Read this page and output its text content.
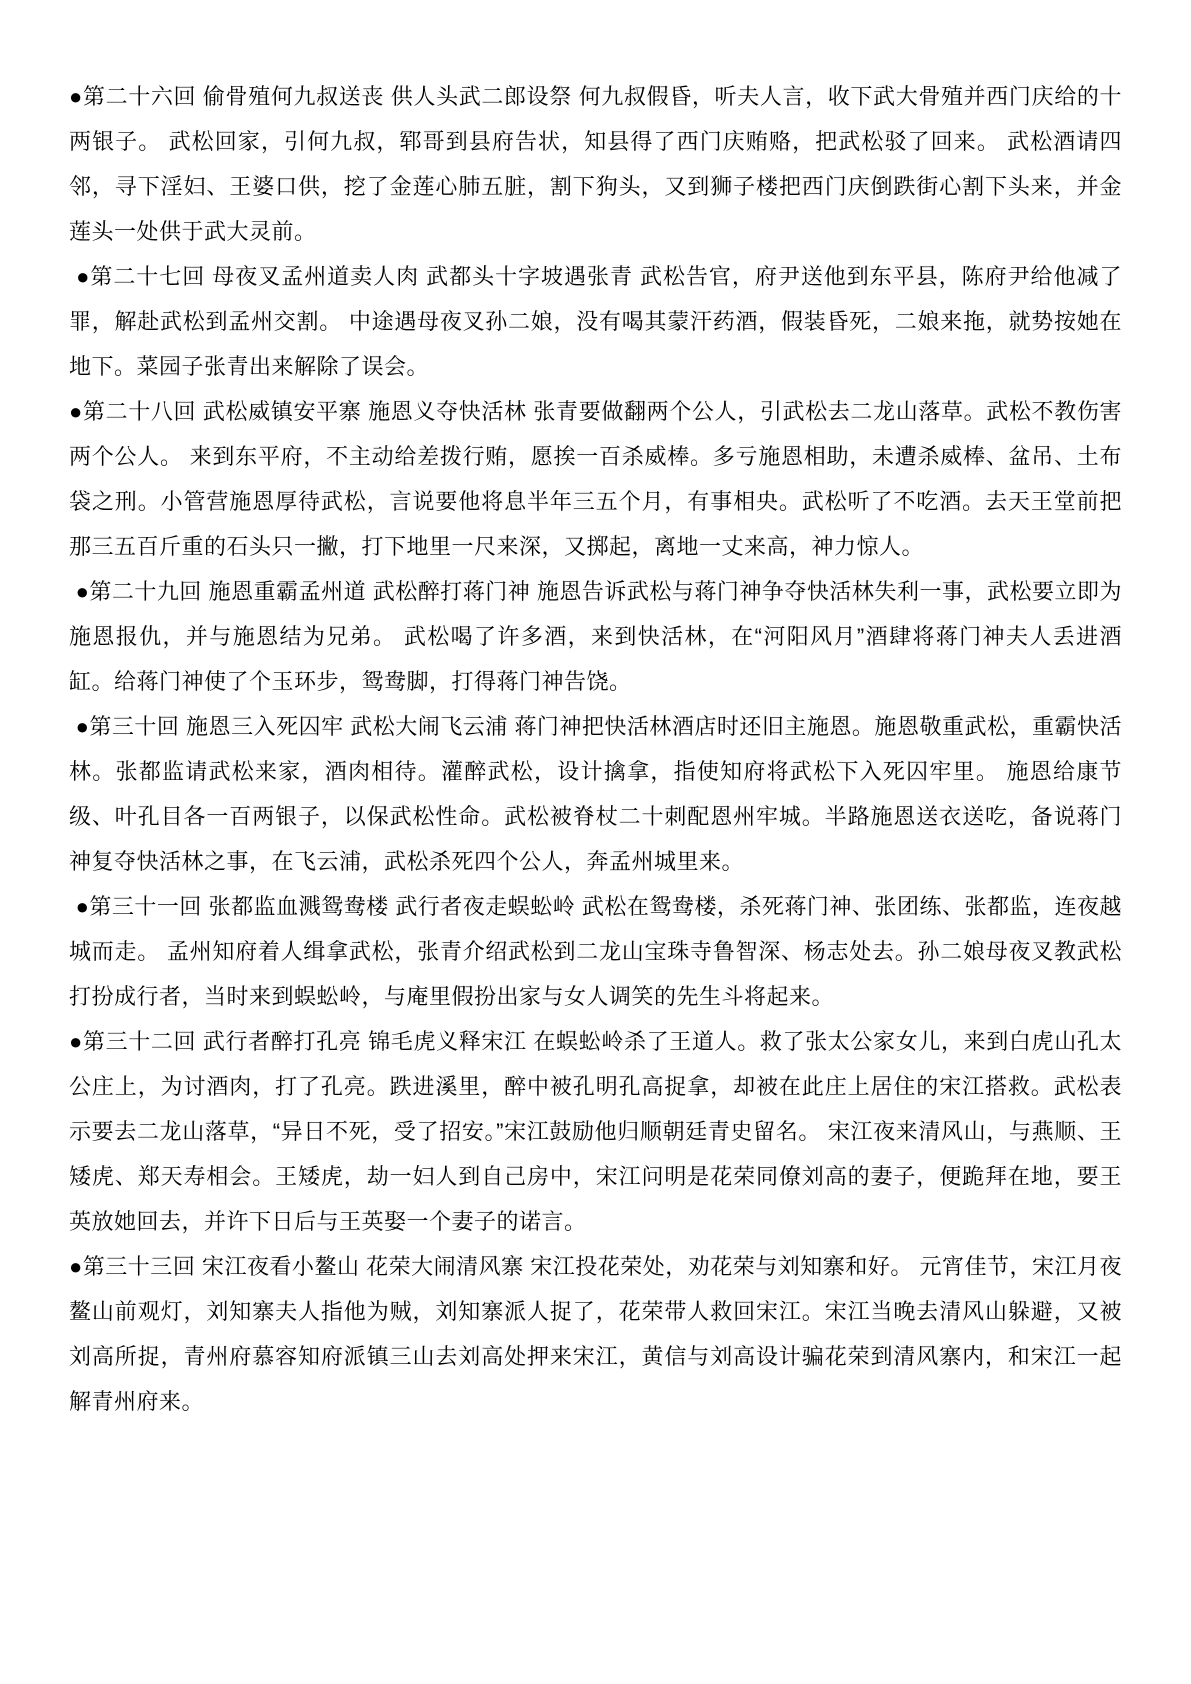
●第二十六回 偷骨殖何九叔送丧 供人头武二郎设祭 何九叔假昏，听夫人言，收下武大骨殖并西门庆给的十两银子。 武松回家，引何九叔，郓哥到县府告状，知县得了西门庆贿赂，把武松驳了回来。 武松酒请四邻，寻下淫妇、王婆口供，挖了金莲心肺五脏，割下狗头，又到狮子楼把西门庆倒跌街心割下头来，并金莲头一处供于武大灵前。

●第二十七回 母夜叉孟州道卖人肉 武都头十字坡遇张青 武松告官，府尹送他到东平县，陈府尹给他减了罪，解赴武松到孟州交割。 中途遇母夜叉孙二娘，没有喝其蒙汗药酒，假装昏死，二娘来拖，就势按她在地下。菜园子张青出来解除了误会。

●第二十八回 武松威镇安平寨 施恩义夺快活林 张青要做翻两个公人，引武松去二龙山落草。武松不教伤害两个公人。 来到东平府，不主动给差拨行贿，愿挨一百杀威棒。多亏施恩相助，未遭杀威棒、盆吊、土布袋之刑。小管营施恩厚待武松，言说要他将息半年三五个月，有事相央。武松听了不吃酒。去天王堂前把那三五百斤重的石头只一撇，打下地里一尺来深，又掷起，离地一丈来高，神力惊人。

●第二十九回 施恩重霸孟州道 武松醉打蒋门神 施恩告诉武松与蒋门神争夺快活林失利一事，武松要立即为施恩报仇，并与施恩结为兄弟。 武松喝了许多酒，来到快活林，在“河阳风月”酒肆将蒋门神夫人丢进酒缸。给蒋门神使了个玉环步，鸳鸯脚，打得蒋门神告饶。

●第三十回 施恩三入死囚牢 武松大闹飞云浦 蒋门神把快活林酒店时还旧主施恩。施恩敬重武松，重霸快活林。张都监请武松来家，酒肉相待。灌醉武松，设计擒拿，指使知府将武松下入死囚牢里。 施恩给康节级、叶孔目各一百两银子，以保武松性命。武松被脊杖二十刺配恩州牢城。半路施恩送衣送吃，备说蒋门神复夺快活林之事，在飞云浦，武松杀死四个公人，奔孟州城里来。

●第三十一回 张都监血溅鸳鸯楼 武行者夜走蜈蚣岭 武松在鸳鸯楼，杀死蒋门神、张团练、张都监，连夜越城而走。 孟州知府着人缉拿武松，张青介绍武松到二龙山宝珠寺鲁智深、杨志处去。孙二娘母夜叉教武松打扮成行者，当时来到蜈蚣岭，与庵里假扮出家与女人调笑的先生斗将起来。

●第三十二回 武行者醉打孔亮 锦毛虎义释宋江 在蜈蚣岭杀了王道人。救了张太公家女儿，来到白虎山孔太公庄上，为讨酒肉，打了孔亮。跌进溪里，醉中被孔明孔高捉拿，却被在此庄上居住的宋江搭救。武松表示要去二龙山落草，“异日不死，受了招安。”宋江鼓励他归顺朝廷青史留名。 宋江夜来清风山，与燕顺、王矮虎、郑天寿相会。王矮虎，劫一妇人到自己房中，宋江问明是花荣同僚刘高的妻子，便跪拜在地，要王英放她回去，并许下日后与王英娶一个妻子的诺言。

●第三十三回 宋江夜看小鳌山 花荣大闹清风寨 宋江投花荣处，劝花荣与刘知寨和好。 元宵佳节，宋江月夜鳌山前观灯，刘知寨夫人指他为贼，刘知寨派人捉了，花荣带人救回宋江。宋江当晚去清风山躲避，又被刘高所捉，青州府慕容知府派镇三山去刘高处押来宋江，黄信与刘高设计骗花荣到清风寨内，和宋江一起解青州府来。
